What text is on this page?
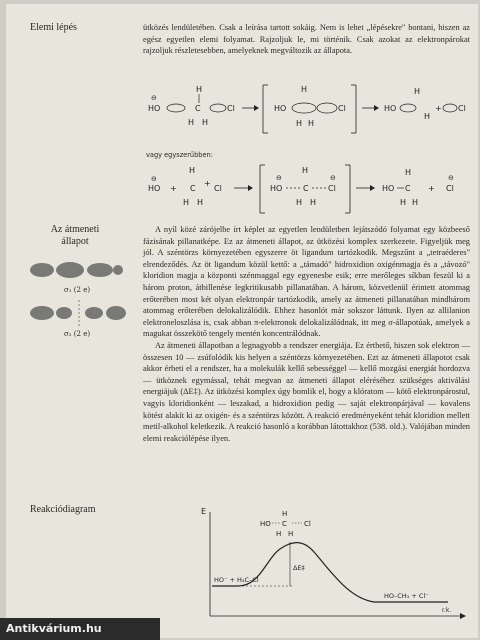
Elemi lépés	ütközés lendületében. Csak a leírása tartott sokáig. Nem is lehet „lépésekre" bontani, hiszen az egész egyetlen elemi folyamat. Rajzoljuk le, mi történik. Csak azokat az elektronpárokat rajzoljuk részletesebben, amelyeknek megváltozik az állapota.

HO
⊖
H
C
H H
Cl	HO
H
H H
Cl	HO
H
H
+ Cl
vagy egyszerűbben:
HO
⊖
+
H
C
H H
+
Cl	HO
⊖
H
C
H H
Cl
⊖
HO C
H
H H
+ Cl
⊖
Az átmeneti
állapot
σ₁ (2 e)
σ₂ (2 e)

A nyíl közé zárójelbe írt képlet az egyetlen lendületben lejátszódó folyamat egy közbeeső fázisának pillanatképe. Ez az átmeneti állapot, az ütközési komplex szerkezete. Figyeljük meg jól. A széntörzs környezetében egyszerre öt ligandum tartózkodik. Megszűnt a „tetraéderes" elrendeződés. Az öt ligandum közül kettő: a „támadó" hidroxidion oxigénmagja és a „távozó" kloridion magja a központi szénmaggal egy egyenesbe esik; erre merőleges síkban feszül ki a három proton, átbillenése legkritikusabb pillanatában. A három, közvetlenül érintett atommag erőterében most két olyan elektronpár tartózkodik, amely az átmeneti pillanatában mindhárom atommag erőterében delokalizálódik. Ehhez hasonlót már sokszor láttunk. Ilyen az allilanion elektroneloszlása is, csak abban π-elektronok delokalizálódnak, itt meg σ-állapotúak, amelyek a magukat összekötő tengely mentén koncentrálódnak.

Az átmeneti állapotban a legnagyobb a rendszer energiája. Ez érthető, hiszen sok elektron — összesen 10 — zsúfolódik kis helyen a széntörzs környezetében. Ezt az átmeneti állapotot csak akkor érheti el a rendszer, ha a molekulák kellő sebességgel — kellő mozgási energiát hordozva — ütköznek egymással, tehát megvan az átmeneti állapot eléréséhez szükséges aktiválási energiájuk (ΔE‡). Az ütközési komplex úgy bomlik el, hogy a klóratom — kötő elektronpárostul, vagyis kloridionként — leszakad, a hidroxidion pedig — saját elektronpárjával — kovalens kötést alakít ki az oxigén- és a széntörzs között. A reakció eredményeként tehát kloridion mellett metil-alkohol keletkezik. A reakció hasonló a korábban látottakhoz (538. old.). Valójában minden elemi reakciólépése ilyen.

Reakciódiagram	E
r.k.
HO
H
C
H H
Cl
ΔE‡
HO⁻ + H₃C–Cl
HO–CH₃ + Cl⁻
Antikvárium.hu
